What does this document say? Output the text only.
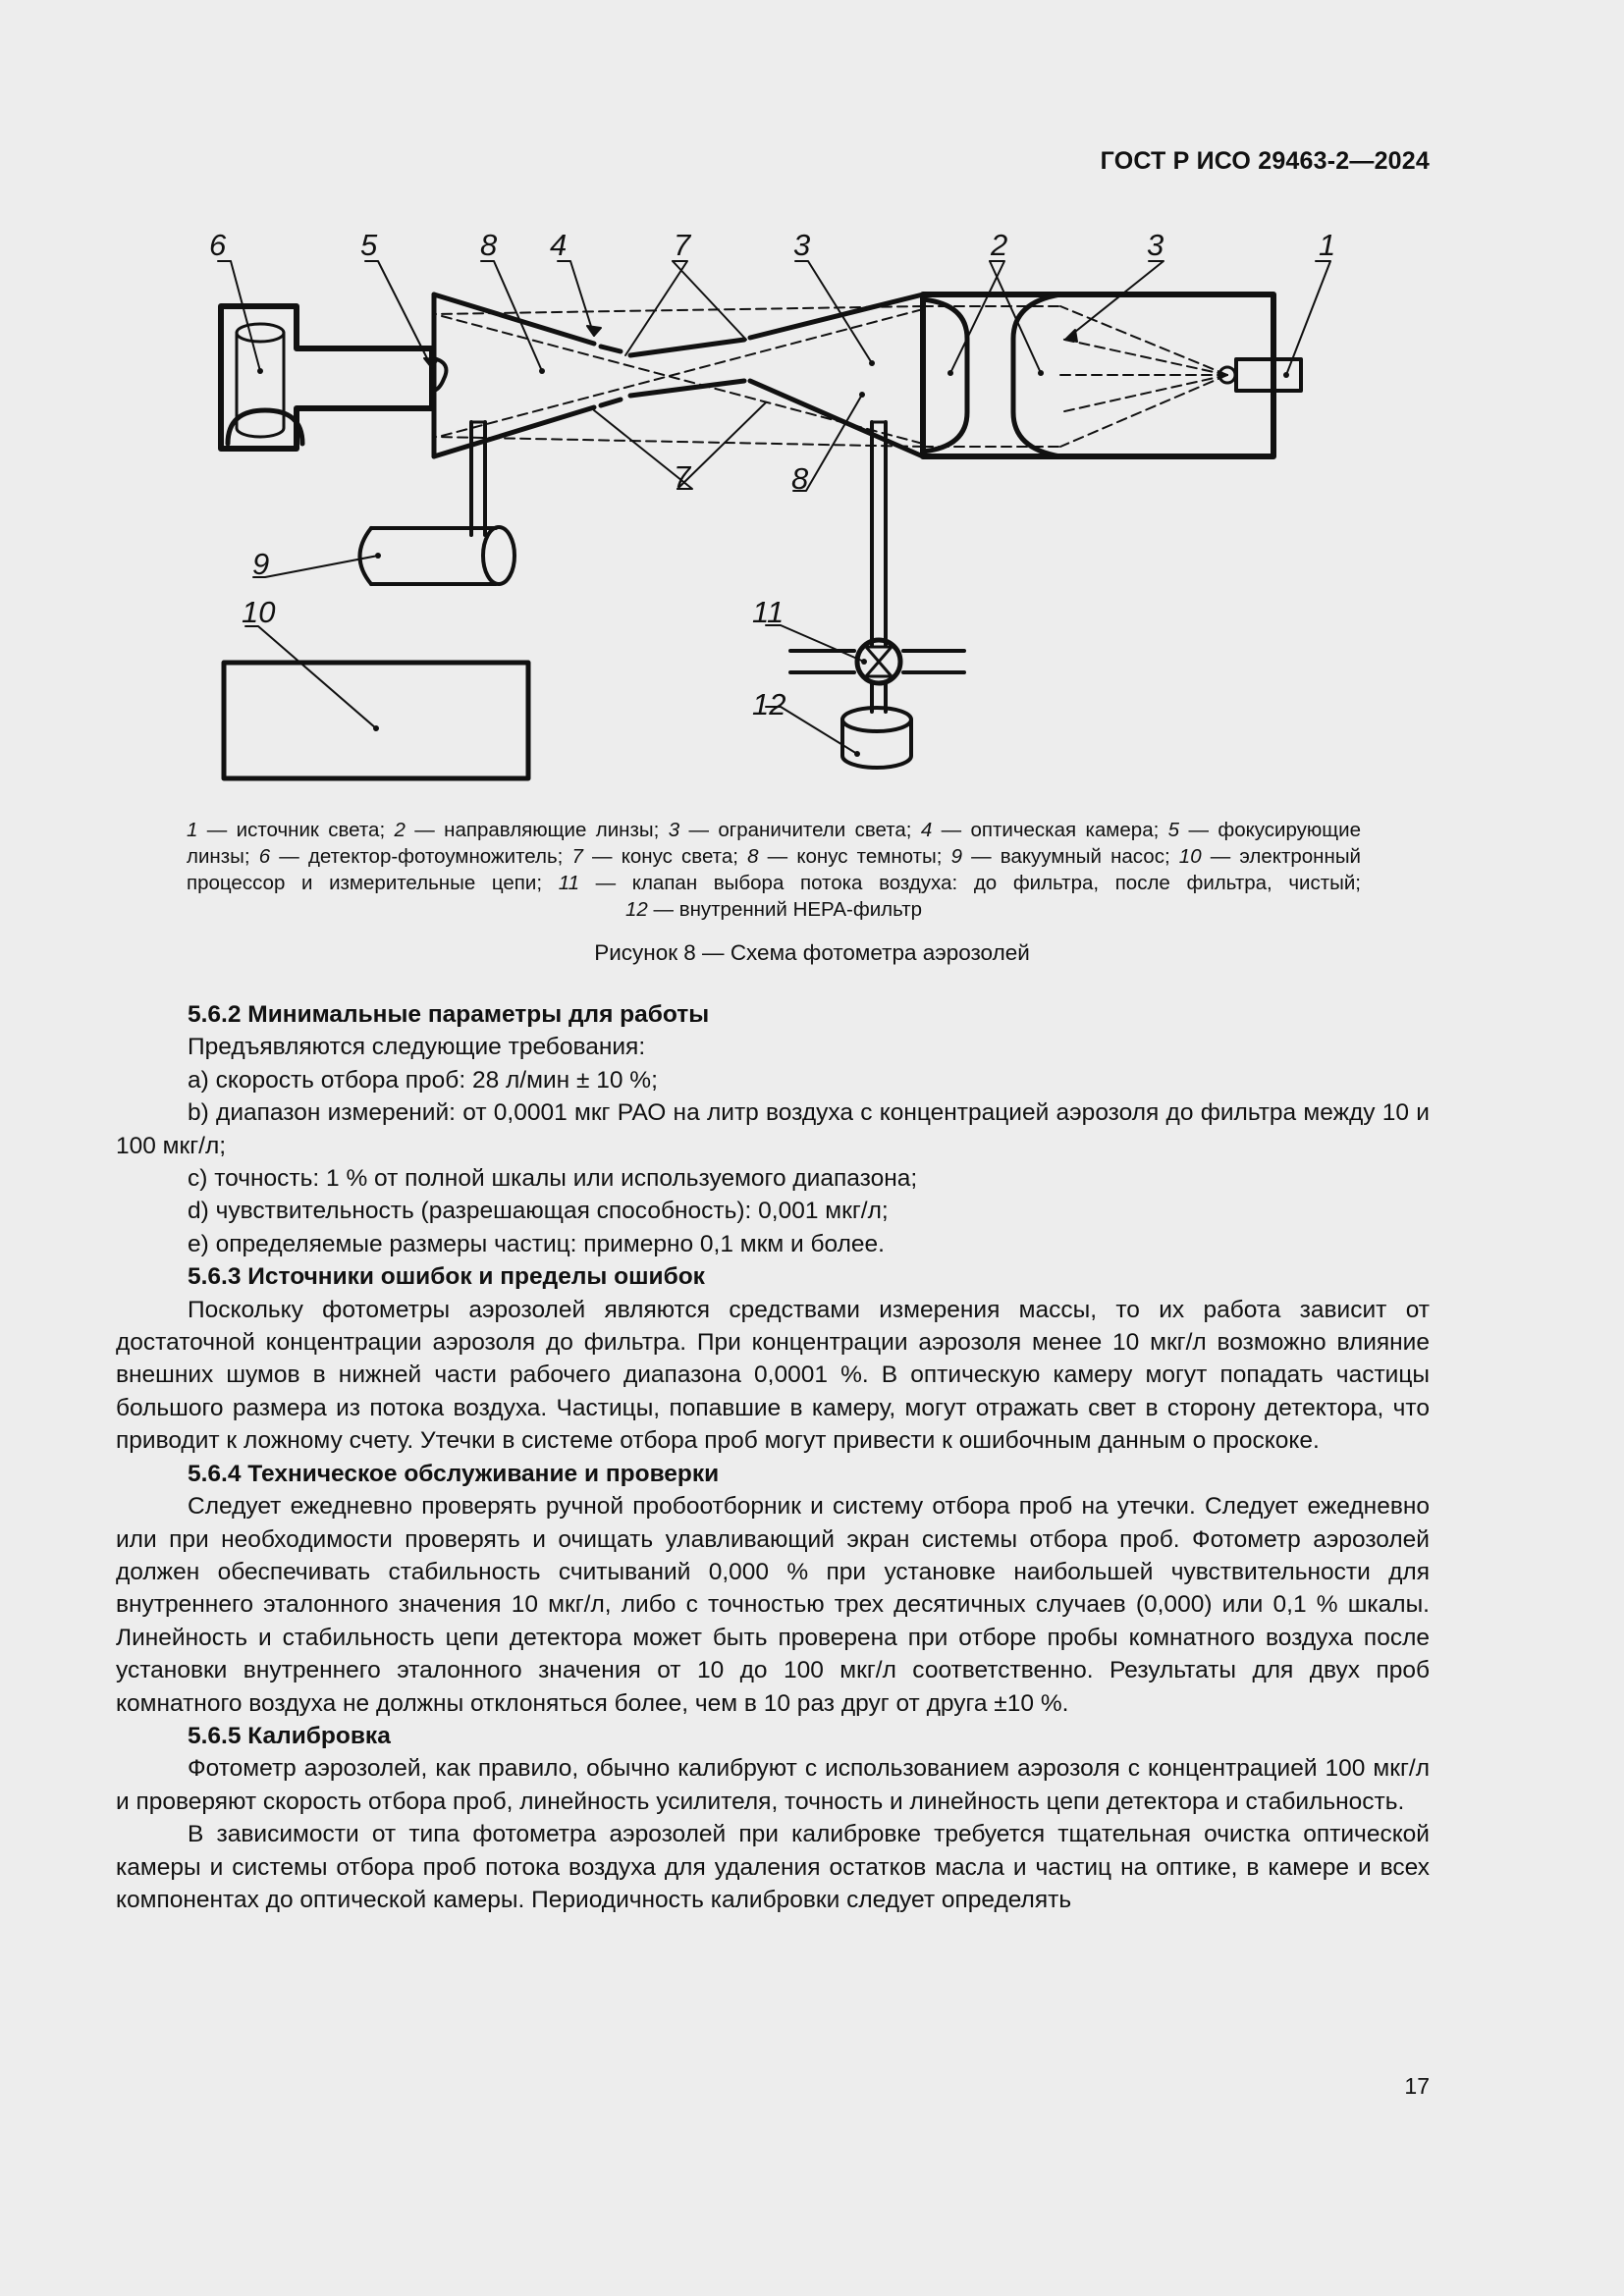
ГОСТ Р ИСО 29463-2—2024
6	5	8 4	7	3	2	3	1
7	8
9
10	11
12

1 — источник света; 2 — направляющие линзы; 3 — ограничители света; 4 — оптическая камера; 5 — фокусирующие

линзы; 6 — детектор-фотоумножитель; 7 — конус света; 8 — конус темноты; 9 — вакуумный насос; 10 — электронный

процессор и измерительные цепи; 11 — клапан выбора потока воздуха: до фильтра, после фильтра, чистый;

12 — внутренний НЕРА-фильтр

Рисунок 8 — Схема фотометра аэрозолей

5.6.2 Минимальные параметры для работы

Предъявляются следующие требования:

a) скорость отбора проб: 28 л/мин ± 10 %;

b) диапазон измерений: от 0,0001 мкг РАО на литр воздуха с концентрацией аэрозоля до фильтра между 10 и 100 мкг/л;

c) точность: 1 % от полной шкалы или используемого диапазона;

d) чувствительность (разрешающая способность): 0,001 мкг/л;

e) определяемые размеры частиц: примерно 0,1 мкм и более.

5.6.3 Источники ошибок и пределы ошибок

Поскольку фотометры аэрозолей являются средствами измерения массы, то их работа зависит от достаточной концентрации аэрозоля до фильтра. При концентрации аэрозоля менее 10 мкг/л возможно влияние внешних шумов в нижней части рабочего диапазона 0,0001 %. В оптическую камеру могут попадать частицы большого размера из потока воздуха. Частицы, попавшие в камеру, могут отражать свет в сторону детектора, что приводит к ложному счету. Утечки в системе отбора проб могут привести к ошибочным данным о проскоке.

5.6.4 Техническое обслуживание и проверки

Следует ежедневно проверять ручной пробоотборник и систему отбора проб на утечки. Следует ежедневно или при необходимости проверять и очищать улавливающий экран системы отбора проб. Фотометр аэрозолей должен обеспечивать стабильность считываний 0,000 % при установке наибольшей чувствительности для внутреннего эталонного значения 10 мкг/л, либо с точностью трех десятичных случаев (0,000) или 0,1 % шкалы. Линейность и стабильность цепи детектора может быть проверена при отборе пробы комнатного воздуха после установки внутреннего эталонного значения от 10 до 100 мкг/л соответственно. Результаты для двух проб комнатного воздуха не должны отклоняться более, чем в 10 раз друг от друга ±10 %.

5.6.5 Калибровка

Фотометр аэрозолей, как правило, обычно калибруют с использованием аэрозоля с концентрацией 100 мкг/л и проверяют скорость отбора проб, линейность усилителя, точность и линейность цепи детектора и стабильность.

В зависимости от типа фотометра аэрозолей при калибровке требуется тщательная очистка оптической камеры и системы отбора проб потока воздуха для удаления остатков масла и частиц на оптике, в камере и всех компонентах до оптической камеры. Периодичность калибровки следует определять

17
